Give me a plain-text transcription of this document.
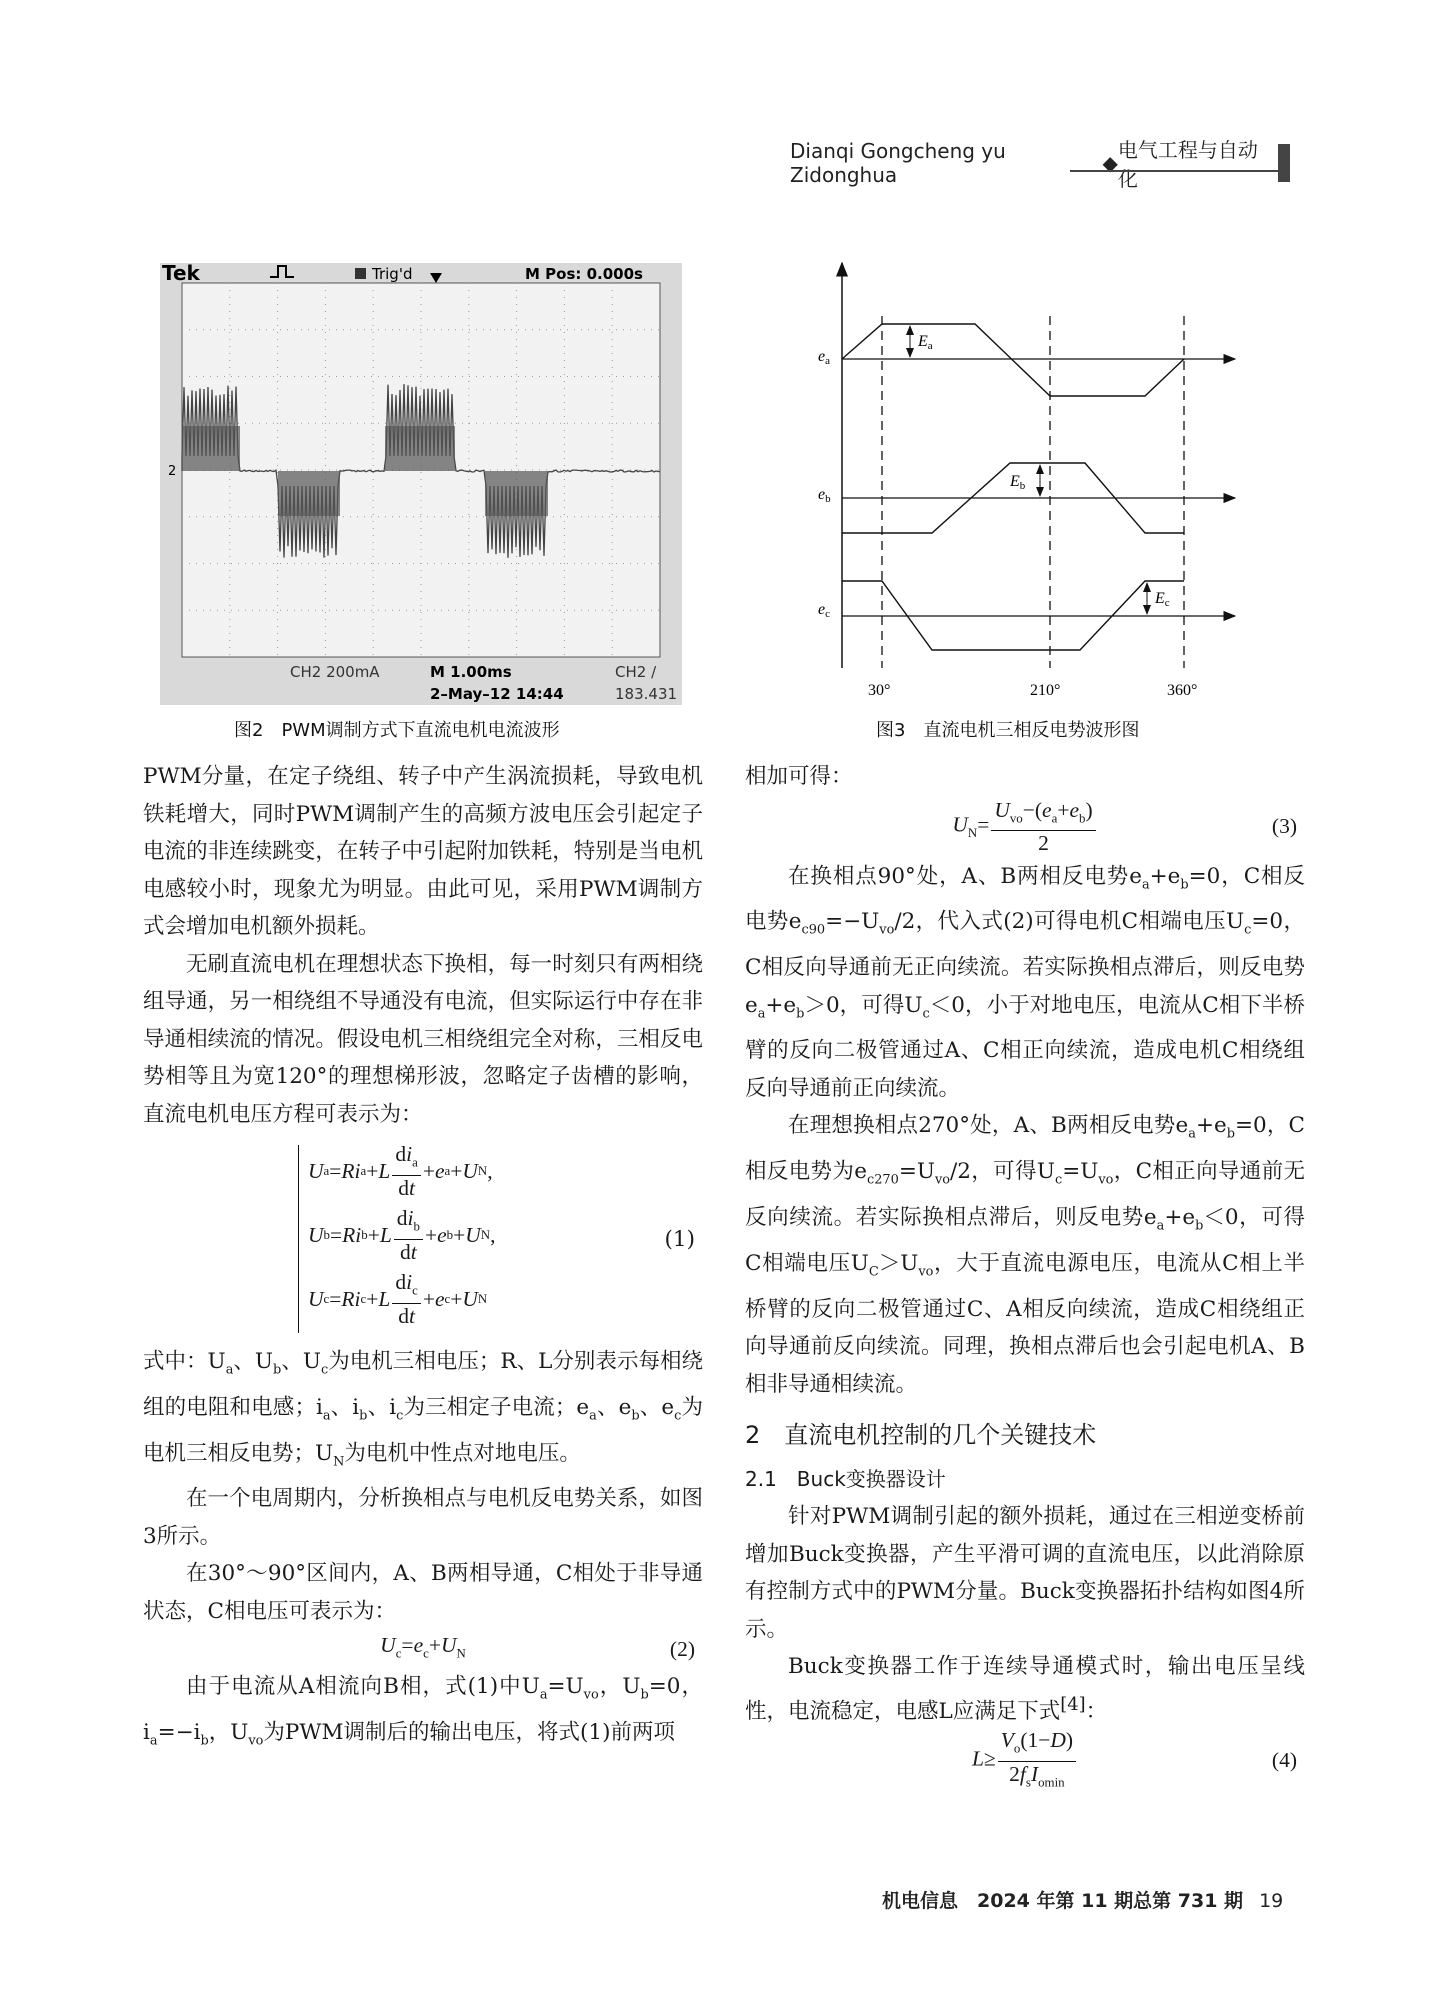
Dianqi Gongcheng yu Zidonghua	◆
电气工程与自动化
Tek	Trig'd	M Pos: 0.000s
2
CH2 200mA	M 1.00ms
2–May–12 14:44
CH2 ∕
183.431
图2　PWM调制方式下直流电机电流波形
Ea
Eb
Ec
ea
eb
ec
30°	210°	360°
图3　直流电机三相反电势波形图

PWM分量，在定子绕组、转子中产生涡流损耗，导致电机铁耗增大，同时PWM调制产生的高频方波电压会引起定子电流的非连续跳变，在转子中引起附加铁耗，特别是当电机电感较小时，现象尤为明显。由此可见，采用PWM调制方式会增加电机额外损耗。

无刷直流电机在理想状态下换相，每一时刻只有两相绕组导通，另一相绕组不导通没有电流，但实际运行中存在非导通相续流的情况。假设电机三相绕组完全对称，三相反电势相等且为宽120°的理想梯形波，忽略定子齿槽的影响，直流电机电压方程可表示为：

U a = Ri a + L $\frac{di_a}{dt} + e$ a + U N ,
U b = Ri b + L $\frac{di_b}{dt} + e$ b + U N ,
U c = Ri c + L $\frac{di_c}{dt} + e$ c + U N
(1)

式中：$U_a$、$U_b$、$U_c$为电机三相电压；R、L分别表示每相绕组的电阻和电感；$i_a$、$i_b$、$i_c$为三相定子电流；$e_a$、$e_b$、$e_c$为电机三相反电势；$U_N$为电机中性点对地电压。

在一个电周期内，分析换相点与电机反电势关系，如图3所示。

在30°～90°区间内，A、B两相导通，C相处于非导通状态，C相电压可表示为：

$U_c=e_c+U_N$	(2)

由于电流从A相流向B相，式(1)中$U_a=U_{vo}$，$U_b=0$，$i_a=-i_b$，$U_{vo}$为PWM调制后的输出电压，将式(1)前两项

相加可得：

$U_N= \frac{U_{vo}-(e_a+e_b)}{2}$	(3)

在换相点90°处，A、B两相反电势$e_a+e_b=0$，C相反电势$e_{c90}=-U_{vo}/2$，代入式(2)可得电机C相端电压$U_c=0$，C相反向导通前无正向续流。若实际换相点滞后，则反电势$e_a+e_b>0$，可得$U_c<0$，小于对地电压，电流从C相下半桥臂的反向二极管通过A、C相正向续流，造成电机C相绕组反向导通前正向续流。

在理想换相点270°处，A、B两相反电势$e_a+e_b=0$，C相反电势为$e_{c270}=U_{vo}/2$，可得$U_c=U_{vo}$，C相正向导通前无反向续流。若实际换相点滞后，则反电势$e_a+e_b<0$，可得C相端电压$U_C>U_{vo}$，大于直流电源电压，电流从C相上半桥臂的反向二极管通过C、A相反向续流，造成C相绕组正向导通前反向续流。同理，换相点滞后也会引起电机A、B相非导通相续流。

2　直流电机控制的几个关键技术
2.1　Buck变换器设计

针对PWM调制引起的额外损耗，通过在三相逆变桥前增加Buck变换器，产生平滑可调的直流电压，以此消除原有控制方式中的PWM分量。Buck变换器拓扑结构如图4所示。

Buck变换器工作于连续导通模式时，输出电压呈线性，电流稳定，电感L应满足下式[4]：

$L\ge \frac{V_o(1-D)}{2f_sI_{omin}}$	(4)
机电信息　2024 年第 11 期总第 731 期 19
